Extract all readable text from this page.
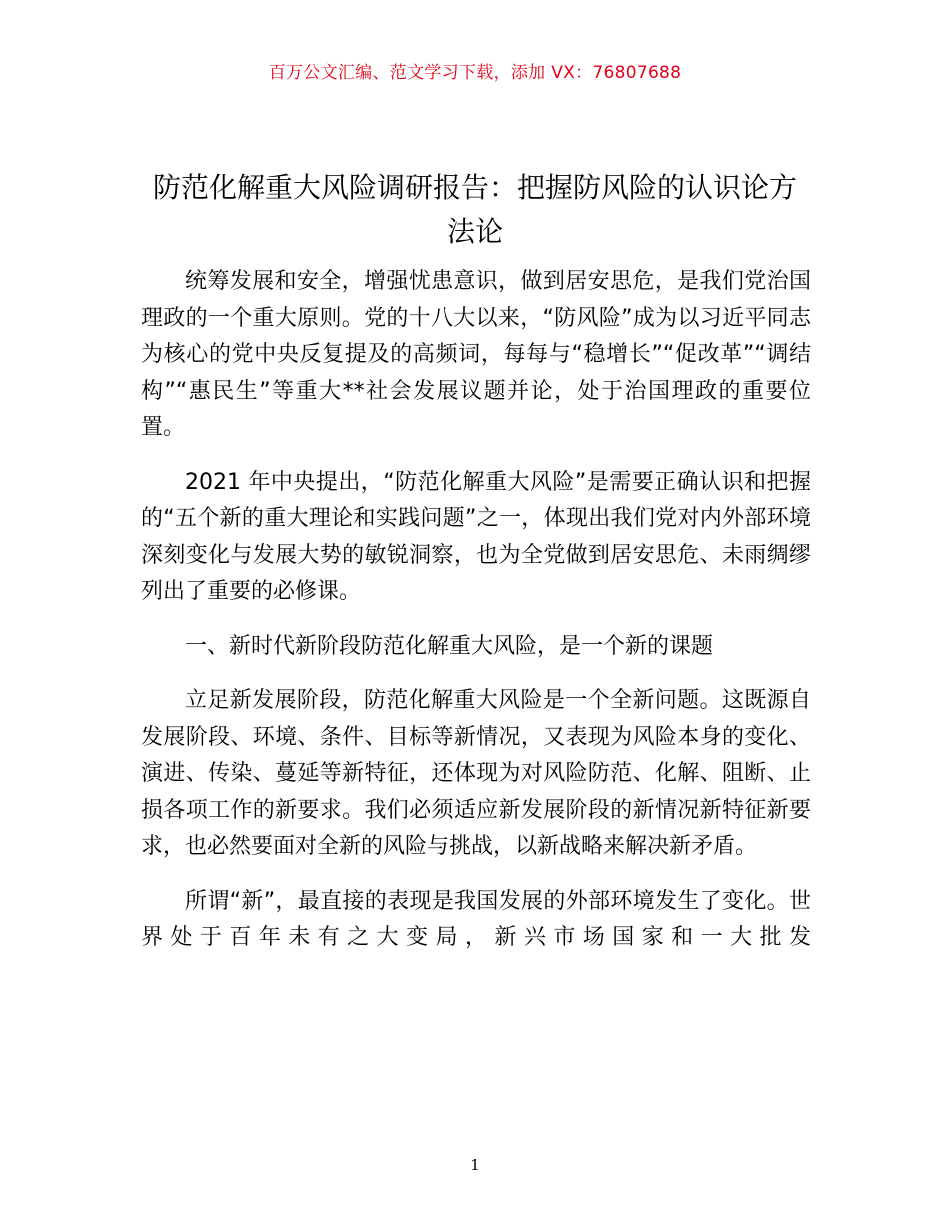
百万公文汇编、范文学习下载，添加 VX：76807688
防范化解重大风险调研报告：把握防风险的认识论方法论

统筹发展和安全，增强忧患意识，做到居安思危，是我们党治国理政的一个重大原则。党的十八大以来，“防风险”成为以习近平同志为核心的党中央反复提及的高频词，每每与“稳增长”“促改革”“调结构”“惠民生”等重大**社会发展议题并论，处于治国理政的重要位置。

2021 年中央提出，“防范化解重大风险”是需要正确认识和把握的“五个新的重大理论和实践问题”之一，体现出我们党对内外部环境深刻变化与发展大势的敏锐洞察，也为全党做到居安思危、未雨绸缪列出了重要的必修课。

一、新时代新阶段防范化解重大风险，是一个新的课题

立足新发展阶段，防范化解重大风险是一个全新问题。这既源自发展阶段、环境、条件、目标等新情况，又表现为风险本身的变化、演进、传染、蔓延等新特征，还体现为对风险防范、化解、阻断、止损各项工作的新要求。我们必须适应新发展阶段的新情况新特征新要求，也必然要面对全新的风险与挑战，以新战略来解决新矛盾。

所谓“新”，最直接的表现是我国发展的外部环境发生了变化。世界处于百年未有之大变局，新兴市场国家和一大批发

1
